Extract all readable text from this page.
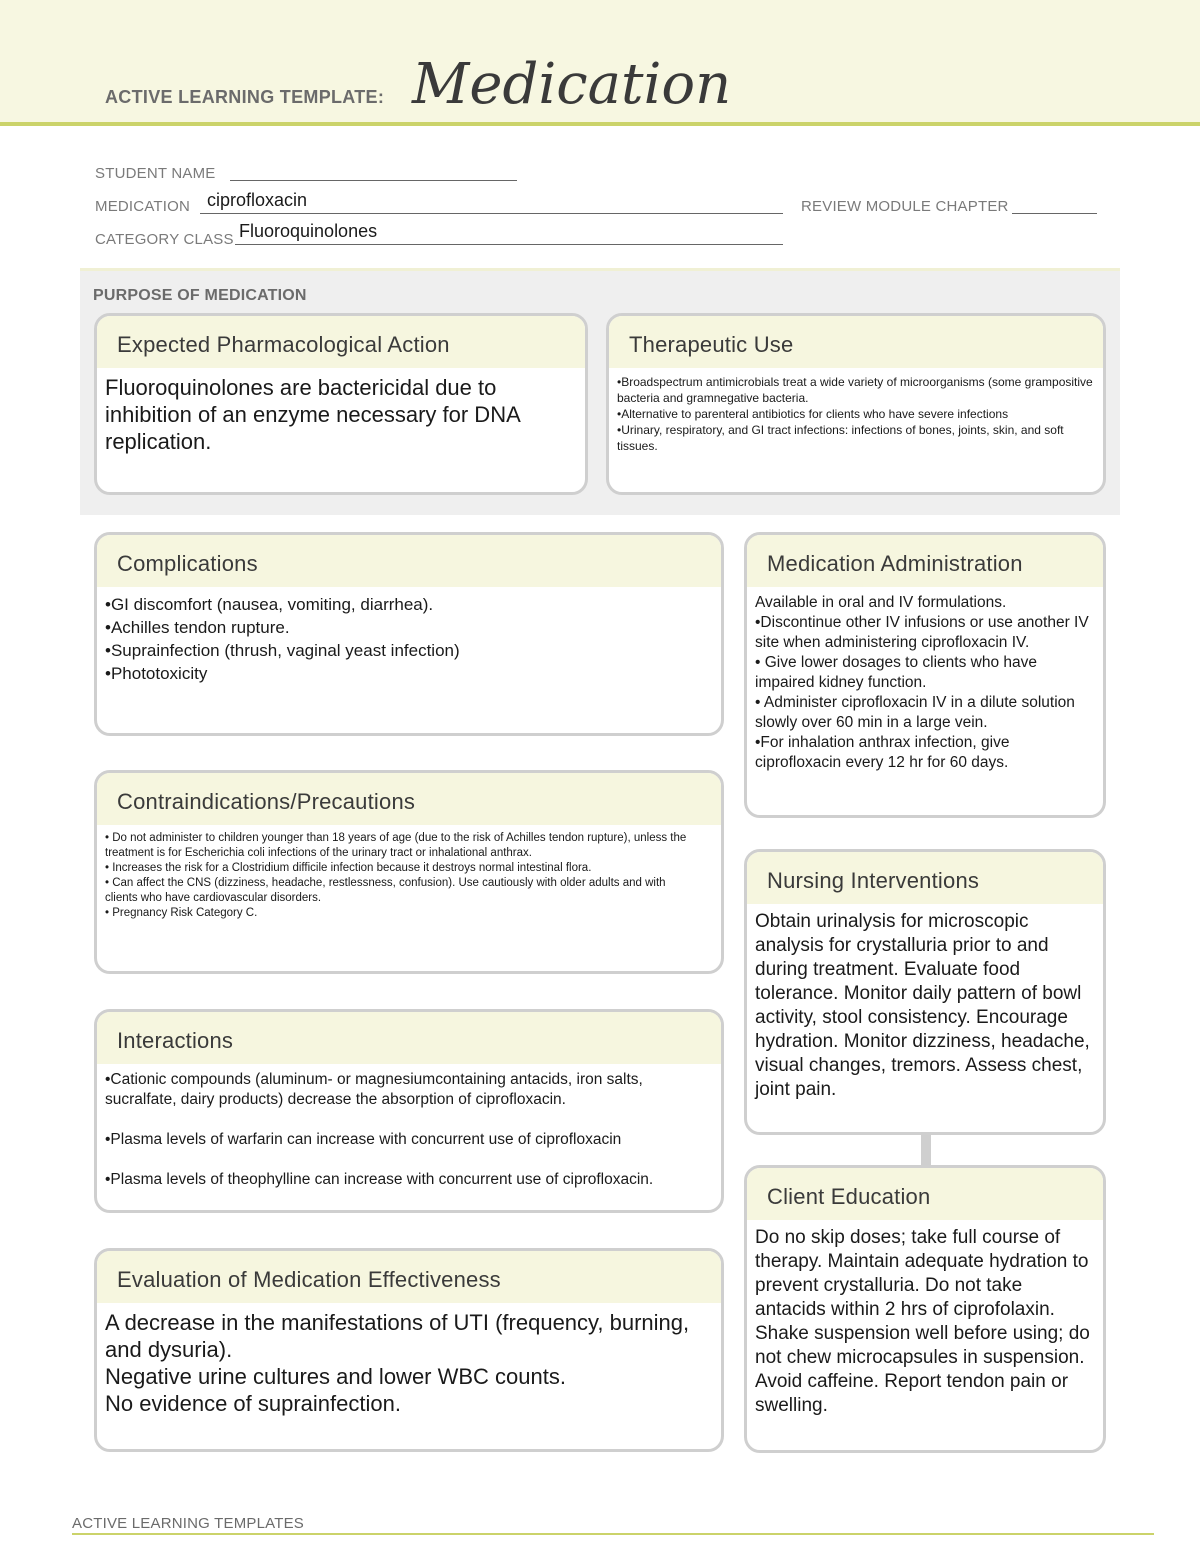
ACTIVE LEARNING TEMPLATE: Medication
STUDENT NAME
MEDICATION ciprofloxacin	REVIEW MODULE CHAPTER
CATEGORY CLASS Fluoroquinolones
PURPOSE OF MEDICATION
Expected Pharmacological Action
Fluoroquinolones are bactericidal due to inhibition of an enzyme necessary for DNA replication.
Therapeutic Use
•Broadspectrum antimicrobials treat a wide variety of microorganisms (some grampositive bacteria and gramnegative bacteria.
•Alternative to parenteral antibiotics for clients who have severe infections
•Urinary, respiratory, and GI tract infections: infections of bones, joints, skin, and soft tissues.
Complications
•GI discomfort (nausea, vomiting, diarrhea).
•Achilles tendon rupture.
•Suprainfection (thrush, vaginal yeast infection)
•Phototoxicity
Medication Administration
Available in oral and IV formulations.
•Discontinue other IV infusions or use another IV site when administering ciprofloxacin IV.
• Give lower dosages to clients who have impaired kidney function.
• Administer ciprofloxacin IV in a dilute solution slowly over 60 min in a large vein.
•For inhalation anthrax infection, give ciprofloxacin every 12 hr for 60 days.
Contraindications/Precautions
• Do not administer to children younger than 18 years of age (due to the risk of Achilles tendon rupture), unless the treatment is for Escherichia coli infections of the urinary tract or inhalational anthrax.
• Increases the risk for a Clostridium difficile infection because it destroys normal intestinal flora.
• Can affect the CNS (dizziness, headache, restlessness, confusion). Use cautiously with older adults and with
clients who have cardiovascular disorders.
• Pregnancy Risk Category C.
Nursing Interventions
Obtain urinalysis for microscopic analysis for crystalluria prior to and during treatment. Evaluate food tolerance. Monitor daily pattern of bowl activity, stool consistency. Encourage hydration. Monitor dizziness, headache, visual changes, tremors. Assess chest, joint pain.
Interactions
•Cationic compounds (aluminum- or magnesiumcontaining antacids, iron salts, sucralfate, dairy products) decrease the absorption of ciprofloxacin.

•Plasma levels of warfarin can increase with concurrent use of ciprofloxacin

•Plasma levels of theophylline can increase with concurrent use of ciprofloxacin.
Client Education
Do no skip doses; take full course of therapy. Maintain adequate hydration to prevent crystalluria. Do not take antacids within 2 hrs of ciprofolaxin. Shake suspension well before using; do not chew microcapsules in suspension. Avoid caffeine. Report tendon pain or swelling.
Evaluation of Medication Effectiveness
A decrease in the manifestations of UTI (frequency, burning, and dysuria).
Negative urine cultures and lower WBC counts.
No evidence of suprainfection.
ACTIVE LEARNING TEMPLATES
